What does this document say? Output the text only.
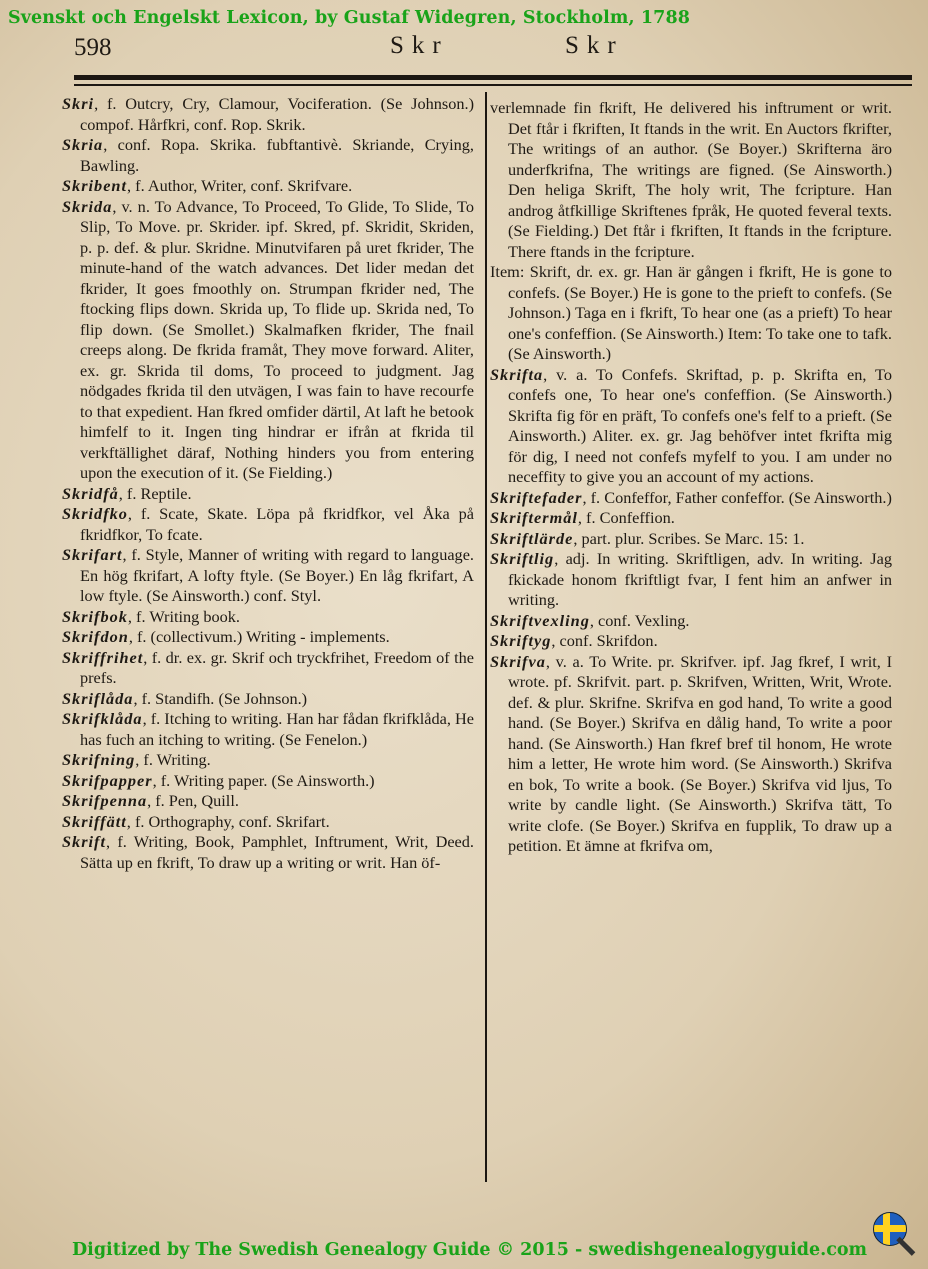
Svenskt och Engelskt Lexicon, by Gustaf Widegren, Stockholm, 1788
598	Skr	Skr

Skri, f. Outcry, Cry, Clamour, Vociferation. (Se Johnson.) compof. Hårfkri, conf. Rop. Skrik.

Skria, conf. Ropa. Skrika. fubftantivè. Skriande, Crying, Bawling.

Skribent, f. Author, Writer, conf. Skrifvare.

Skrida, v. n. To Advance, To Proceed, To Glide, To Slide, To Slip, To Move. pr. Skrider. ipf. Skred, pf. Skridit, Skriden, p. p. def. & plur. Skridne. Minutvifaren på uret fkrider, The minute-hand of the watch advances. Det lider medan det fkrider, It goes fmoothly on. Strumpan fkrider ned, The ftocking flips down. Skrida up, To flide up. Skrida ned, To flip down. (Se Smollet.) Skalmafken fkrider, The fnail creeps along. De fkrida framåt, They move forward. Aliter, ex. gr. Skrida til doms, To proceed to judgment. Jag nödgades fkrida til den utvägen, I was fain to have recourfe to that expedient. Han fkred omfider därtil, At laft he betook himfelf to it. Ingen ting hindrar er ifrån at fkrida til verkftällighet däraf, Nothing hinders you from entering upon the execution of it. (Se Fielding.)

Skridfå, f. Reptile.

Skridfko, f. Scate, Skate. Löpa på fkridfkor, vel Åka på fkridfkor, To fcate.

Skrifart, f. Style, Manner of writing with regard to language. En hög fkrifart, A lofty ftyle. (Se Boyer.) En låg fkrifart, A low ftyle. (Se Ainsworth.) conf. Styl.

Skrifbok, f. Writing book.

Skrifdon, f. (collectivum.) Writing - implements.

Skriffrihet, f. dr. ex. gr. Skrif och tryckfrihet, Freedom of the prefs.

Skriflåda, f. Standifh. (Se Johnson.)

Skrifklåda, f. Itching to writing. Han har fådan fkrifklåda, He has fuch an itching to writing. (Se Fenelon.)

Skrifning, f. Writing.

Skrifpapper, f. Writing paper. (Se Ainsworth.)

Skrifpenna, f. Pen, Quill.

Skriffätt, f. Orthography, conf. Skrifart.

Skrift, f. Writing, Book, Pamphlet, Inftrument, Writ, Deed. Sätta up en fkrift, To draw up a writing or writ. Han öf-

verlemnade fin fkrift, He delivered his inftrument or writ. Det ftår i fkriften, It ftands in the writ. En Auctors fkrifter, The writings of an author. (Se Boyer.) Skrifterna äro underfkrifna, The writings are figned. (Se Ainsworth.) Den heliga Skrift, The holy writ, The fcripture. Han androg åtfkillige Skriftenes fpråk, He quoted feveral texts. (Se Fielding.) Det ftår i fkriften, It ftands in the fcripture. There ftands in the fcripture.

Item: Skrift, dr. ex. gr. Han är gången i fkrift, He is gone to confefs. (Se Boyer.) He is gone to the prieft to confefs. (Se Johnson.) Taga en i fkrift, To hear one (as a prieft) To hear one's confeffion. (Se Ainsworth.) Item: To take one to tafk. (Se Ainsworth.)

Skrifta, v. a. To Confefs. Skriftad, p. p. Skrifta en, To confefs one, To hear one's confeffion. (Se Ainsworth.) Skrifta fig för en präft, To confefs one's felf to a prieft. (Se Ainsworth.) Aliter. ex. gr. Jag behöfver intet fkrifta mig för dig, I need not confefs myfelf to you. I am under no neceffity to give you an account of my actions.

Skriftefader, f. Confeffor, Father confeffor. (Se Ainsworth.)

Skriftermål, f. Confeffion.

Skriftlärde, part. plur. Scribes. Se Marc. 15: 1.

Skriftlig, adj. In writing. Skriftligen, adv. In writing. Jag fkickade honom fkriftligt fvar, I fent him an anfwer in writing.

Skriftvexling, conf. Vexling.

Skriftyg, conf. Skrifdon.

Skrifva, v. a. To Write. pr. Skrifver. ipf. Jag fkref, I writ, I wrote. pf. Skrifvit. part. p. Skrifven, Written, Writ, Wrote. def. & plur. Skrifne. Skrifva en god hand, To write a good hand. (Se Boyer.) Skrifva en dålig hand, To write a poor hand. (Se Ainsworth.) Han fkref bref til honom, He wrote him a letter, He wrote him word. (Se Ainsworth.) Skrifva en bok, To write a book. (Se Boyer.) Skrifva vid ljus, To write by candle light. (Se Ainsworth.) Skrifva tätt, To write clofe. (Se Boyer.) Skrifva en fupplik, To draw up a petition. Et ämne at fkrifva om,

Digitized by The Swedish Genealogy Guide © 2015 - swedishgenealogyguide.com
